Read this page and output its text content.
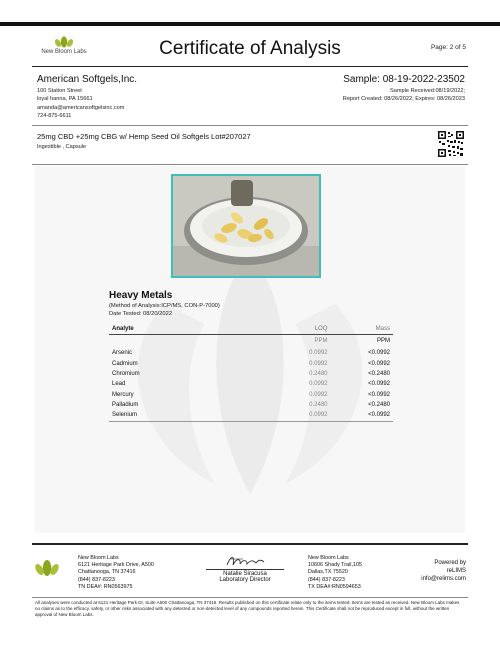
New Bloom Labs	Certificate of Analysis	Page: 2 of 5
American Softgels,Inc.
100 Station Street
loyal hanna, PA 15661
amanda@americansoftgelsinc.com
724-875-6611
Sample: 08-19-2022-23502
Sample Received:08/19/2022;
Report Created: 08/26/2022; Expires: 08/26/2023
25mg CBD +25mg CBG w/ Hemp Seed Oil Softgels Lot#207027
Ingestible , Capsule
Heavy Metals
(Method of Analysis:ICP/MS, CON-P-7000)
Date Tested: 08/20/2022
Analyte	LOQ	Mass
	PPM	PPM
Arsenic	0.0992	<0.0992
Cadmium	0.0992	<0.0992
Chromium	0.2480	<0.2480
Lead	0.0992	<0.0992
Mercury	0.0992	<0.0992
Palladium	0.2480	<0.2480
Selenium	0.0992	<0.0992
New Bloom Labs
6121 Heritage Park Drive, A500
Chattanooga, TN 37416
(844) 837-8223
TN DEA#: RN0563975
Natalie Siracusa
Laboratory Director
New Bloom Labs
10606 Shady Trail,105
Dallas,TX 75520
(844) 837-8223
TX DEA#:RN0594653
Powered by
reLIMS
info@relims.com
All analyses were conducted at 6121 Heritage Park Dr, Suite A500 Chattanooga, TN 37416. Results published on this certificate relate only to the items tested. Items are tested as received. New Bloom Labs makes no claims as to the efficacy, safety, or other risks associated with any detected or non-detected level of any compounds reported herein. This Certificate shall not be reproduced except in full, without the written approval of New Bloom Labs.
